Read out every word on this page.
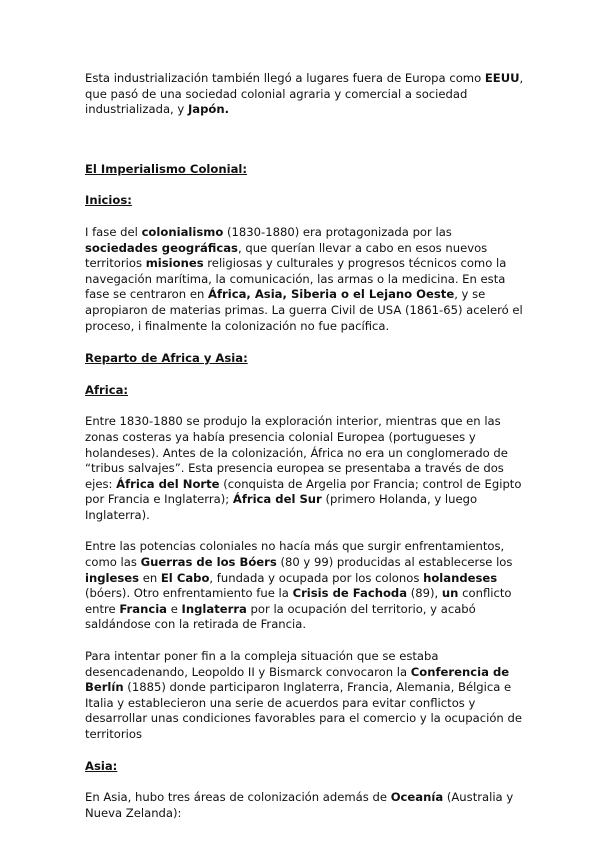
Esta industrialización también llegó a lugares fuera de Europa como EEUU, que pasó de una sociedad colonial agraria y comercial a sociedad industrializada, y Japón.

El Imperialismo Colonial:

Inicios:

I fase del colonialismo (1830-1880) era protagonizada por las sociedades geográficas, que querían llevar a cabo en esos nuevos territorios misiones religiosas y culturales y progresos técnicos como la navegación marítima, la comunicación, las armas o la medicina. En esta fase se centraron en África, Asia, Siberia o el Lejano Oeste, y se apropiaron de materias primas. La guerra Civil de USA (1861-65) aceleró el proceso, i finalmente la colonización no fue pacífica.

Reparto de Africa y Asia:

Africa:

Entre 1830-1880 se produjo la exploración interior, mientras que en las zonas costeras ya había presencia colonial Europea (portugueses y holandeses). Antes de la colonización, África no era un conglomerado de “tribus salvajes”. Esta presencia europea se presentaba a través de dos ejes: África del Norte (conquista de Argelia por Francia; control de Egipto por Francia e Inglaterra); África del Sur (primero Holanda, y luego Inglaterra).

Entre las potencias coloniales no hacía más que surgir enfrentamientos, como las Guerras de los Bóers (80 y 99) producidas al establecerse los ingleses en El Cabo, fundada y ocupada por los colonos holandeses (bóers). Otro enfrentamiento fue la Crisis de Fachoda (89), un conflicto entre Francia e Inglaterra por la ocupación del territorio, y acabó saldándose con la retirada de Francia.

Para intentar poner fin a la compleja situación que se estaba desencadenando, Leopoldo II y Bismarck convocaron la Conferencia de Berlín (1885) donde participaron Inglaterra, Francia, Alemania, Bélgica e Italia y establecieron una serie de acuerdos para evitar conflictos y desarrollar unas condiciones favorables para el comercio y la ocupación de territorios

Asia:

En Asia, hubo tres áreas de colonización además de Oceanía (Australia y Nueva Zelanda):
